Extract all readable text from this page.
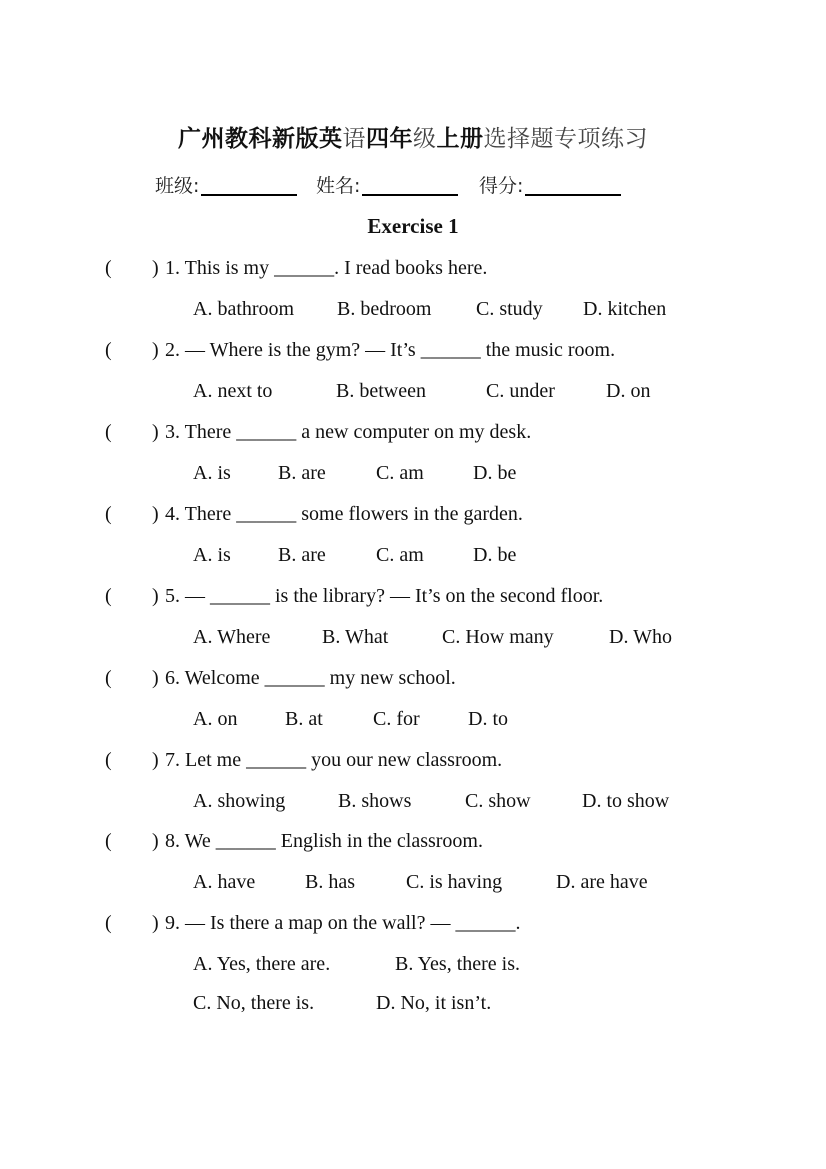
广州教科新版英语四年级上册选择题专项练习
班级:	姓名:	得分:
Exercise 1
( ) 1. This is my ______. I read books here.
A. bathroom B. bedroom C. study D. kitchen
( ) 2. — Where is the gym? — It’s ______ the music room.
A. next to	B. between	C. under	D. on
( ) 3. There ______ a new computer on my desk.
A. is B. are	C. am D. be
( ) 4. There ______ some flowers in the garden.
A. is B. are	C. am D. be
( ) 5. — ______ is the library? — It’s on the second floor.
A. Where	B. What	C. How many	D. Who
( ) 6. Welcome ______ my new school.
A. on B. at	C. for D. to
( ) 7. Let me ______ you our new classroom.
A. showing	B. shows	C. show	D. to show
( ) 8. We ______ English in the classroom.
A. have B. has	C. is having	D. are have
( ) 9. — Is there a map on the wall? — ______.
A. Yes, there are.	B. Yes, there is.
C. No, there is.	D. No, it isn’t.
